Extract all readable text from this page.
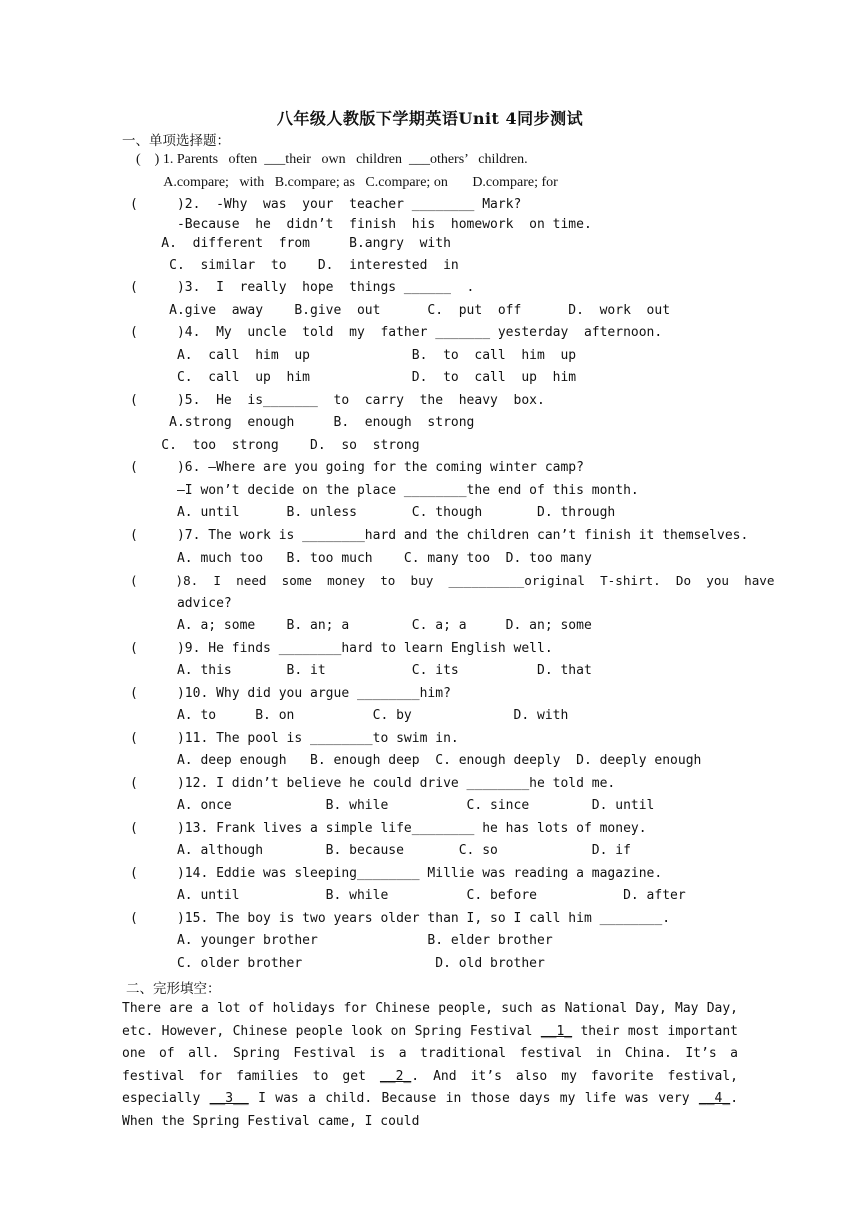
八年级人教版下学期英语Unit 4同步测试
一、单项选择题：
(    ) 1. Parents   often  ___their   own   children  ___others’   children.
A.compare;   with   B.compare; as   C.compare; on       D.compare; for
(     )2.  -Why  was  your  teacher ________ Mark?
-Because  he  didn’t  finish  his  homework  on time.
A.  different  from     B.angry  with
C.  similar  to    D.  interested  in
(     )3.  I  really  hope  things ______  .
A.give  away    B.give  out      C.  put  off      D.  work  out
(     )4.  My  uncle  told  my  father _______ yesterday  afternoon.
A.  call  him  up             B.  to  call  him  up
C.  call  up  him             D.  to  call  up  him
(     )5.  He  is_______  to  carry  the  heavy  box.
A.strong  enough     B.  enough  strong
C.  too  strong    D.  so  strong
(     )6. —Where are you going for the coming winter camp?
—I won’t decide on the place ________the end of this month.
A. until      B. unless       C. though       D. through
(     )7. The work is ________hard and the children can’t finish it themselves.
A. much too   B. too much    C. many too  D. too many
(     )8.  I  need  some  money  to  buy  __________original  T-shirt.  Do  you  have
advice?
A. a; some    B. an; a        C. a; a     D. an; some
(     )9. He finds ________hard to learn English well.
A. this       B. it           C. its          D. that
(     )10. Why did you argue ________him?
A. to     B. on          C. by             D. with
(     )11. The pool is ________to swim in.
A. deep enough   B. enough deep  C. enough deeply  D. deeply enough
(     )12. I didn’t believe he could drive ________he told me.
A. once            B. while          C. since        D. until
(     )13. Frank lives a simple life________ he has lots of money.
A. although        B. because       C. so            D. if
(     )14. Eddie was sleeping________ Millie was reading a magazine.
A. until           B. while          C. before           D. after
(     )15. The boy is two years older than I, so I call him ________.
A. younger brother              B. elder brother
C. older brother                 D. old brother
二、完形填空：

There are a lot of holidays for Chinese people, such as National Day, May Day, etc. However, Chinese people look on Spring Festival __1_ their most important one of all. Spring Festival is a traditional festival in China. It’s a festival for families to get __2_. And it’s also my favorite festival, especially __3__ I was a child. Because in those days my life was very __4_. When the Spring Festival came, I could
